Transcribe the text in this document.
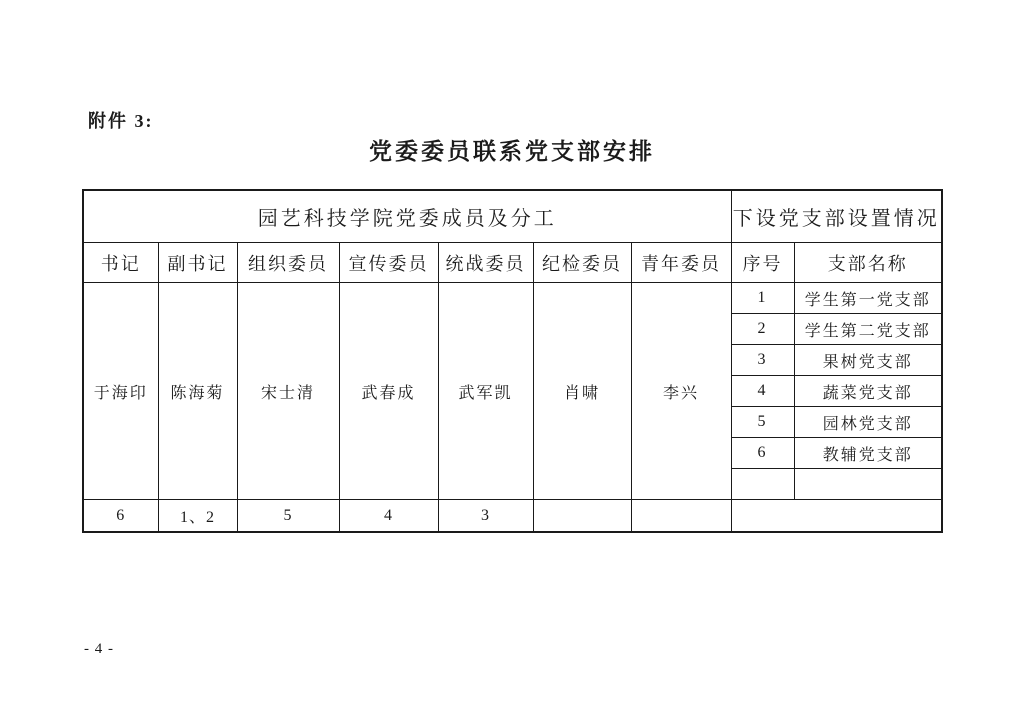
附件 3:
党委委员联系党支部安排
园艺科技学院党委成员及分工							下设党支部设置情况	
书记	副书记	组织委员	宣传委员	统战委员	纪检委员	青年委员	序号	支部名称
于海印	陈海菊	宋士清	武春成	武军凯	肖啸	李兴	1	学生第一党支部
							2	学生第二党支部
							3	果树党支部
							4	蔬菜党支部
							5	园林党支部
							6	教辅党支部

6	1、2	5	4	3				
- 4 -
